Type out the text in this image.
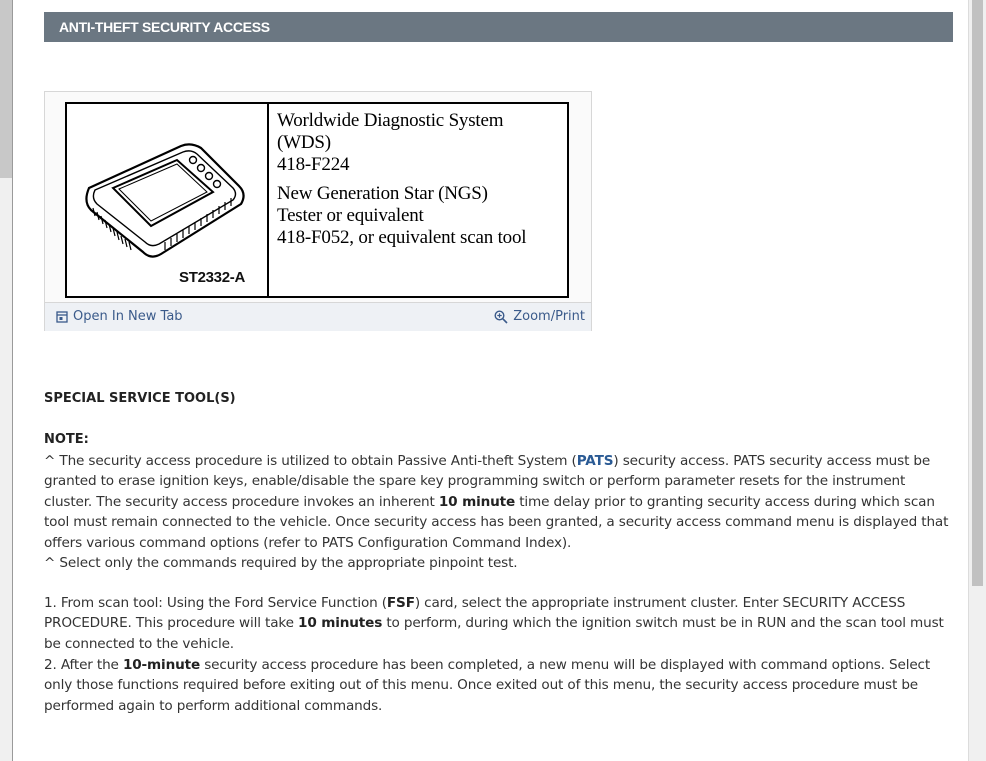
ANTI-THEFT SECURITY ACCESS
ST2332-A
Worldwide Diagnostic System
(WDS)
418-F224
New Generation Star (NGS)
Tester or equivalent
418-F052, or equivalent scan tool
Open In New Tab	Zoom/Print
SPECIAL SERVICE TOOL(S)
NOTE:
^ The security access procedure is utilized to obtain Passive Anti-theft System (PATS) security access. PATS security access must be granted to erase ignition keys, enable/disable the spare key programming switch or perform parameter resets for the instrument cluster. The security access procedure invokes an inherent 10 minute time delay prior to granting security access during which scan tool must remain connected to the vehicle. Once security access has been granted, a security access command menu is displayed that offers various command options (refer to PATS Configuration Command Index).
^ Select only the commands required by the appropriate pinpoint test.
1. From scan tool: Using the Ford Service Function (FSF) card, select the appropriate instrument cluster. Enter SECURITY ACCESS PROCEDURE. This procedure will take 10 minutes to perform, during which the ignition switch must be in RUN and the scan tool must be connected to the vehicle.
2. After the 10-minute security access procedure has been completed, a new menu will be displayed with command options. Select only those functions required before exiting out of this menu. Once exited out of this menu, the security access procedure must be performed again to perform additional commands.
